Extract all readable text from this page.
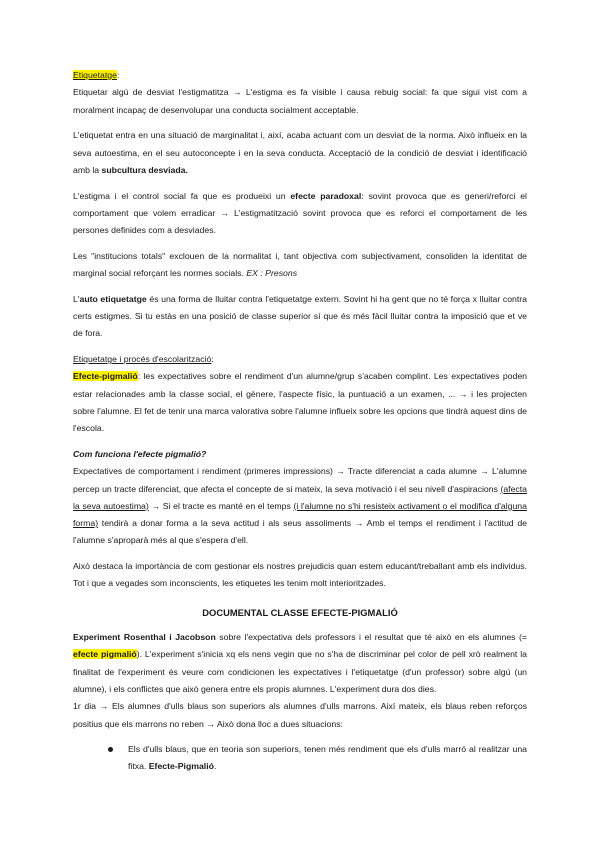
Etiquetatge:

Etiquetar algú de desviat l'estigmatitza → L'estigma es fa visible i causa rebuig social: fa que sigui vist com a moralment incapaç de desenvolupar una conducta socialment acceptable.

L'etiquetat entra en una situació de marginalitat i, així, acaba actuant com un desviat de la norma. Això influeix en la seva autoestima, en el seu autoconcepte i en la seva conducta. Acceptació de la condició de desviat i identificació amb la subcultura desviada.

L'estigma i el control social fa que es produeixi un efecte paradoxal: sovint provoca que es generi/reforci el comportament que volem erradicar → L'estigmatització sovint provoca que es reforci el comportament de les persones definides com a desviades.

Les "institucions totals" exclouen de la normalitat i, tant objectiva com subjectivament, consoliden la identitat de marginal social reforçant les normes socials. EX : Presons

L'auto etiquetatge és una forma de lluitar contra l'etiquetatge extern. Sovint hi ha gent que no té força x lluitar contra certs estigmes. Si tu estàs en una posició de classe superior sí que és més fàcil lluitar contra la imposició que et ve de fora.

Etiquetatge i procés d'escolarització:

Efecte-pigmalió: les expectatives sobre el rendiment d'un alumne/grup s'acaben complint. Les expectatives poden estar relacionades amb la classe social, el gènere, l'aspecte físic, la puntuació a un examen, ... → i les projecten sobre l'alumne. El fet de tenir una marca valorativa sobre l'alumne influeix sobre les opcions que tindrà aquest dins de l'escola.

Com funciona l'efecte pigmalió?

Expectatives de comportament i rendiment (primeres impressions) → Tracte diferenciat a cada alumne → L'alumne percep un tracte diferenciat, que afecta el concepte de si mateix, la seva motivació i el seu nivell d'aspiracions (afecta la seva autoestima) → Si el tracte es manté en el temps (i l'alumne no s'hi resisteix activament o el modifica d'alguna forma) tendirà a donar forma a la seva actitud i als seus assoliments → Amb el temps el rendiment i l'actitud de l'alumne s'aproparà més al que s'espera d'ell.

Això destaca la importància de com gestionar els nostres prejudicis quan estem educant/treballant amb els individus. Tot i que a vegades som inconscients, les etiquetes les tenim molt interioritzades.

DOCUMENTAL CLASSE EFECTE-PIGMALIÓ

Experiment Rosenthal i Jacobson sobre l'expectativa dels professors i el resultat que té això en els alumnes (= efecte pigmalió). L'experiment s'inicia xq els nens vegin que no s'ha de discriminar pel color de pell xrò realment la finalitat de l'experiment és veure com condicionen les expectatives i l'etiquetatge (d'un professor) sobre algú (un alumne), i els conflictes que això genera entre els propis alumnes. L'experiment dura dos dies.

1r dia → Els alumnes d'ulls blaus son superiors als alumnes d'ulls marrons. Així mateix, els blaus reben reforços positius que els marrons no reben → Això dona lloc a dues situacions:

Els d'ulls blaus, que en teoria son superiors, tenen més rendiment que els d'ulls marró al realitzar una fitxa. Efecte-Pigmalió.
